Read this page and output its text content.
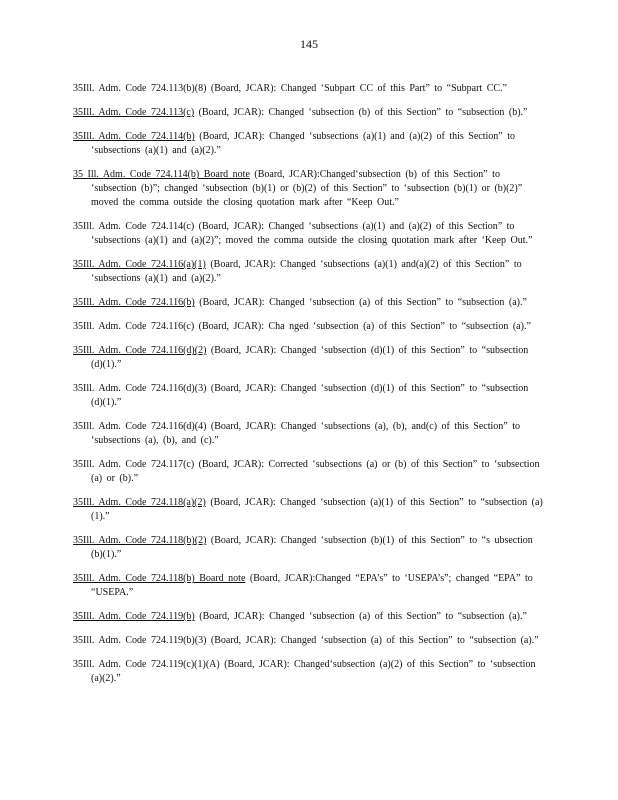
145

35Ill. Adm. Code 724.113(b)(8) (Board, JCAR): Changed ‘Subpart CC of this Part” to “Subpart CC.”

35Ill. Adm. Code 724.113(c) (Board, JCAR): Changed ‘subsection (b) of this Section” to “subsection (b).”

35Ill. Adm. Code 724.114(b) (Board, JCAR): Changed ‘subsections (a)(1) and (a)(2) of this Section” to ‘subsections (a)(1) and (a)(2).”

35 Ill. Adm. Code 724.114(b) Board note (Board, JCAR):Changed‘subsection (b) of this Section” to ‘subsection (b)”; changed ‘subsection (b)(1) or (b)(2) of this Section” to ‘subsection (b)(1) or (b)(2)” moved the comma outside the closing quotation mark after “Keep Out.”

35Ill. Adm. Code 724.114(c) (Board, JCAR): Changed ‘subsections (a)(1) and (a)(2) of this Section” to ‘subsections (a)(1) and (a)(2)”; moved the comma outside the closing quotation mark after ‘Keep Out.”

35Ill. Adm. Code 724.116(a)(1) (Board, JCAR): Changed ‘subsections (a)(1) and(a)(2) of this Section” to ‘subsections (a)(1) and (a)(2).”

35Ill. Adm. Code 724.116(b) (Board, JCAR): Changed ‘subsection (a) of this Section” to “subsection (a).”

35Ill. Adm. Code 724.116(c) (Board, JCAR): Cha nged ‘subsection (a) of this Section” to “subsection (a).”

35Ill. Adm. Code 724.116(d)(2) (Board, JCAR): Changed ‘subsection (d)(1) of this Section” to “subsection (d)(1).”

35Ill. Adm. Code 724.116(d)(3) (Board, JCAR): Changed ‘subsection (d)(1) of this Section” to “subsection (d)(1).”

35Ill. Adm. Code 724.116(d)(4) (Board, JCAR): Changed ‘subsections (a), (b), and(c) of this Section” to ‘subsections (a), (b), and (c).”

35Ill. Adm. Code 724.117(c) (Board, JCAR): Corrected ‘subsections (a) or (b) of this Section” to ‘subsection (a) or (b).”

35Ill. Adm. Code 724.118(a)(2) (Board, JCAR): Changed ‘subsection (a)(1) of this Section” to “subsection (a)(1).”

35Ill. Adm. Code 724.118(b)(2) (Board, JCAR): Changed ‘subsection (b)(1) of this Section” to “s ubsection (b)(1).”

35Ill. Adm. Code 724.118(b) Board note (Board, JCAR):Changed “EPA’s” to ‘USEPA’s”; changed “EPA” to “USEPA.”

35Ill. Adm. Code 724.119(b) (Board, JCAR): Changed ‘subsection (a) of this Section” to “subsection (a).”

35Ill. Adm. Code 724.119(b)(3) (Board, JCAR): Changed ‘subsection (a) of this Section” to “subsection (a).”

35Ill. Adm. Code 724.119(c)(1)(A) (Board, JCAR): Changed‘subsection (a)(2) of this Section” to ‘subsection (a)(2).”
